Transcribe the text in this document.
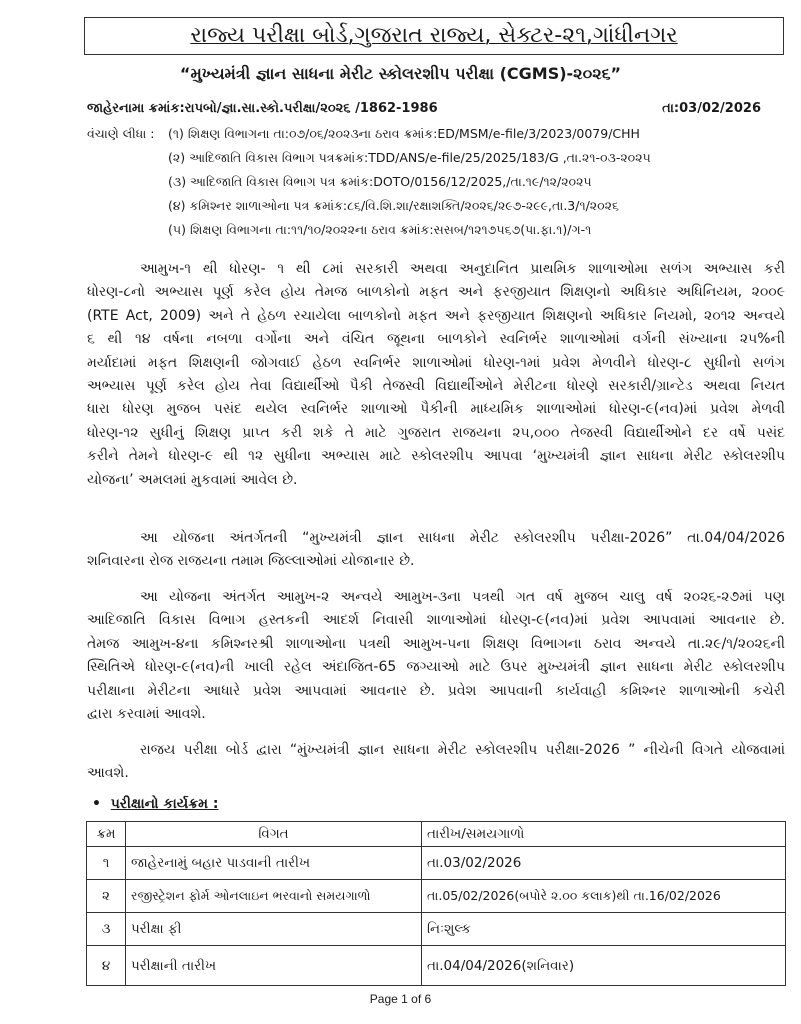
રાજ્ય પરીક્ષા બોર્ડ,ગુજરાત રાજ્ય, સેક્ટર-૨૧,ગાંધીનગર
“મુખ્યમંત્રી જ્ઞાન સાધના મેરીટ સ્કોલરશીપ પરીક્ષા (CGMS)-૨૦૨૬”
જાહેરનામા ક્રમાંક:રાપબો/જ્ઞા.સા.સ્કો.પરીક્ષા/૨૦૨૬ /1862-1986	તા:03/02/2026
વંચાણે લીધા : (૧) શિક્ષણ વિભાગના તા:૦૭/૦૬/૨૦૨૩ના ઠરાવ ક્રમાંક:ED/MSM/e-file/3/2023/0079/CHH
(૨) આદિજાતિ વિકાસ વિભાગ પત્રક્રમાંક:TDD/ANS/e-file/25/2025/183/G ,તા.૨૧-૦૩-૨૦૨૫
(૩) આદિજાતિ વિકાસ વિભાગ પત્ર ક્રમાંક:DOTO/0156/12/2025,/તા.૧૯/૧૨/૨૦૨૫
(૪) કમિશ્નર શાળાઓના પત્ર ક્રમાંક:૮૬/વિ.શિ.શા/રક્ષાશક્તિ/૨૦૨૬/૨૯૭-૨૯૯,તા.3/૧/૨૦૨૬
(૫) શિક્ષણ વિભાગના તા:૧૧/૧૦/૨૦૨૨ના ઠરાવ ક્રમાંક:સસબ/૧૨૧૭૫૬૭(પા.ફા.૧)/ગ-૧
આમુખ-૧ થી ધોરણ- ૧ થી ૮માં સરકારી અથવા અનુદાનિત પ્રાથમિક શાળાઓમા સળંગ અભ્યાસ કરી
ધોરણ-૮નો અભ્યાસ પૂર્ણ કરેલ હોય તેમજ બાળકોનો મફત અને ફરજીયાત શિક્ષણનો અધિકાર અધિનિયમ, ૨૦૦૯
(RTE Act, 2009) અને તે હેઠળ રચાયેલા બાળકોનો મફત અને ફરજીયાત શિક્ષણનો અધિકાર નિયમો, ૨૦૧૨ અન્વયે
૬ થી ૧૪ વર્ષના નબળા વર્ગોના અને વંચિત જૂથના બાળકોને સ્વનિર્ભર શાળાઓમાં વર્ગની સંખ્યાના ૨૫%ની
મર્યાદામાં મફત શિક્ષણની જોગવાઈ હેઠળ સ્વનિર્ભર શાળાઓમાં ધોરણ-૧માં પ્રવેશ મેળવીને ધોરણ-૮ સુધીનો સળંગ
અભ્યાસ પૂર્ણ કરેલ હોય તેવા વિદ્યાર્થીઓ પૈકી તેજસ્વી વિદ્યાર્થીઓને મેરીટના ધોરણે સરકારી/ગ્રાન્ટેડ અથવા નિયત
ધારા ધોરણ મુજબ પસંદ થયેલ સ્વનિર્ભર શાળાઓ પૈકીની માધ્યમિક શાળાઓમાં ધોરણ-૯(નવ)માં પ્રવેશ મેળવી
ધોરણ-૧૨ સુધીનું શિક્ષણ પ્રાપ્ત કરી શકે તે માટે ગુજરાત રાજયના ૨૫,૦૦૦ તેજસ્વી વિદ્યાર્થીઓને દર વર્ષે પસંદ
કરીને તેમને ધોરણ-૯ થી ૧૨ સુધીના અભ્યાસ માટે સ્કોલરશીપ આપવા ‘મુખ્યમંત્રી જ્ઞાન સાધના મેરીટ સ્કોલરશીપ
યોજના’ અમલમાં મુકવામાં આવેલ છે.
આ યોજના અંતર્ગતની “મુખ્યમંત્રી જ્ઞાન સાધના મેરીટ સ્કોલરશીપ પરીક્ષા-2026” તા.04/04/2026
શનિવારના રોજ રાજયના તમામ જિલ્લાઓમાં યોજાનાર છે.
આ યોજના અંતર્ગત આમુખ-૨ અન્વયે આમુખ-૩ના પત્રથી ગત વર્ષ મુજબ ચાલુ વર્ષ ૨૦૨૬-૨૭માં પણ
આદિજાતિ વિકાસ વિભાગ હસ્તકની આદર્શ નિવાસી શાળાઓમાં ધોરણ-૯(નવ)માં પ્રવેશ આપવામાં આવનાર છે.
તેમજ આમુખ-૪ના કમિશ્નરશ્રી શાળાઓના પત્રથી આમુખ-૫ના શિક્ષણ વિભાગના ઠરાવ અન્વયે તા.૨૯/૧/૨૦૨૬ની
સ્થિતિએ ધોરણ-૯(નવ)ની ખાલી રહેલ અંદાજિત-65 જગ્યાઓ માટે ઉપર મુખ્યમંત્રી જ્ઞાન સાધના મેરીટ સ્કોલરશીપ
પરીક્ષાના મેરીટના આધારે પ્રવેશ આપવામાં આવનાર છે. પ્રવેશ આપવાની કાર્યવાહી કમિશ્નર શાળાઓની કચેરી
દ્વારા કરવામાં આવશે.
રાજય પરીક્ષા બોર્ડ દ્વારા “મુંખ્યમંત્રી જ્ઞાન સાધના મેરીટ સ્કોલરશીપ પરીક્ષા-2026 ” નીચેની વિગતે યોજવામાં
આવશે.
• પરીક્ષાનો કાર્યક્રમ :
ક્રમ	વિગત	તારીખ/સમયગાળો
૧	જાહેરનામું બહાર પાડવાની તારીખ	તા.03/02/2026
૨	રજીસ્ટ્રેશન ફોર્મ ઓનલાઇન ભરવાનો સમયગાળો	તા.05/02/2026(બપોરે ૨.૦૦ કલાક)થી તા.16/02/2026
૩	પરીક્ષા ફી	નિઃશુલ્ક
૪	પરીક્ષાની તારીખ	તા.04/04/2026(શનિવાર)
Page 1 of 6
